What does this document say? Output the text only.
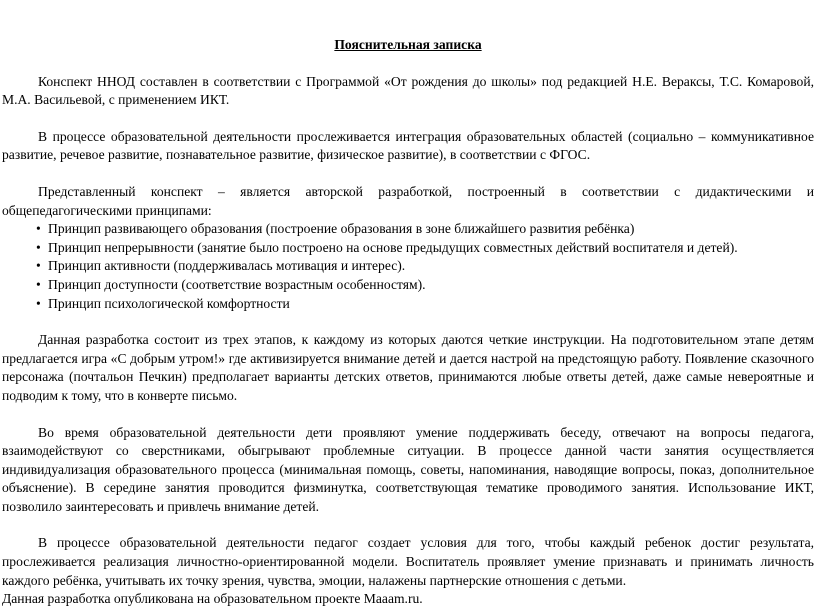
Пояснительная записка

Конспект ННОД составлен в соответствии с Программой «От рождения до школы» под редакцией Н.Е. Вераксы, Т.С. Комаровой, М.А. Васильевой, с применением ИКТ.

В процессе образовательной деятельности прослеживается интеграция образовательных областей (социально – коммуникативное развитие, речевое развитие, познавательное развитие, физическое развитие), в соответствии с ФГОС.

Представленный конспект – является авторской разработкой, построенный в соответствии с дидактическими и общепедагогическими принципами:

• Принцип развивающего образования (построение образования в зоне ближайшего развития ребёнка)
• Принцип непрерывности (занятие было построено на основе предыдущих совместных действий воспитателя и детей).
• Принцип активности (поддерживалась мотивация и интерес).
• Принцип доступности (соответствие возрастным особенностям).
• Принцип психологической комфортности

Данная разработка состоит из трех этапов, к каждому из которых даются четкие инструкции. На подготовительном этапе детям предлагается игра «С добрым утром!» где активизируется внимание детей и дается настрой на предстоящую работу. Появление сказочного персонажа (почтальон Печкин) предполагает варианты детских ответов, принимаются любые ответы детей, даже самые невероятные и подводим к тому, что в конверте письмо.

Во время образовательной деятельности дети проявляют умение поддерживать беседу, отвечают на вопросы педагога, взаимодействуют со сверстниками, обыгрывают проблемные ситуации. В процессе данной части занятия осуществляется индивидуализация образовательного процесса (минимальная помощь, советы, напоминания, наводящие вопросы, показ, дополнительное объяснение). В середине занятия проводится физминутка, соответствующая тематике проводимого занятия. Использование ИКТ, позволило заинтересовать и привлечь внимание детей.

В процессе образовательной деятельности педагог создает условия для того, чтобы каждый ребенок достиг результата, прослеживается реализация личностно-ориентированной модели. Воспитатель проявляет умение признавать и принимать личность каждого ребёнка, учитывать их точку зрения, чувства, эмоции, налажены партнерские отношения с детьми.

Данная разработка опубликована на образовательном проекте Maaam.ru.
